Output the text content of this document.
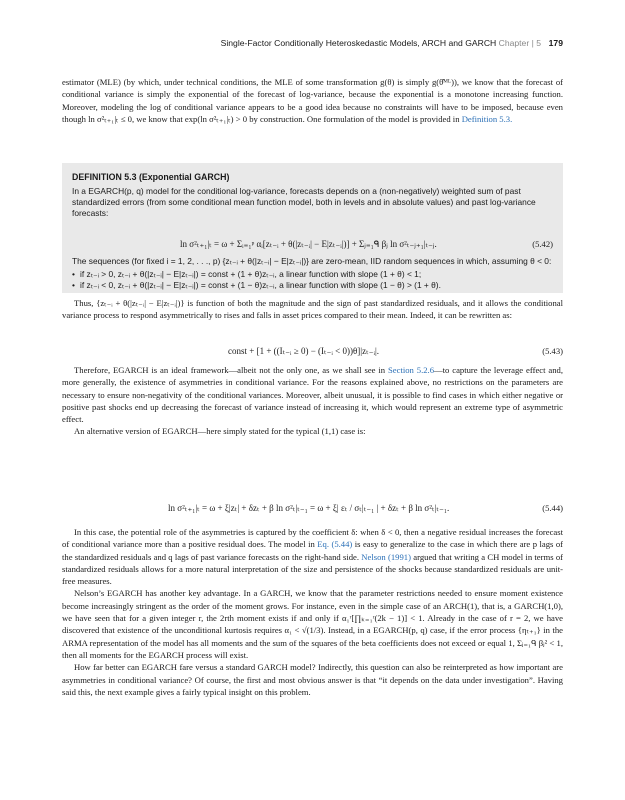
Single-Factor Conditionally Heteroskedastic Models, ARCH and GARCH Chapter | 5 179

estimator (MLE) (by which, under technical conditions, the MLE of some transformation g(θ) is simply g(θ̂ᴹᴸ)), we know that the forecast of conditional variance is simply the exponential of the forecast of log-variance, because the exponential is a monotone increasing function. Moreover, modeling the log of conditional variance appears to be a good idea because no constraints will have to be imposed, because even though ln σ²ₜ₊₁|ₜ ≤ 0, we know that exp(ln σ²ₜ₊₁|ₜ) > 0 by construction. One formulation of the model is provided in Definition 5.3.

DEFINITION 5.3 (Exponential GARCH)
In a EGARCH(p, q) model for the conditional log-variance, forecasts depends on a (non-negatively) weighted sum of past standardized errors (from some conditional mean function model, both in levels and in absolute values) and past log-variance forecasts:
ln σ²ₜ₊₁|ₜ = ω + Σᵢ₌₁ᵖ αᵢ[zₜ₋ᵢ + θ(|zₜ₋ᵢ| − E|zₜ₋ᵢ|)] + Σⱼ₌₁ᑫ βⱼ ln σ²ₜ₋ⱼ₊₁|ₜ₋ⱼ.	(5.42)
The sequences (for fixed i = 1, 2, . . ., p) {zₜ₋ᵢ + θ(|zₜ₋ᵢ| − E|zₜ₋ᵢ|)} are zero-mean, IID random sequences in which, assuming θ < 0:
• if zₜ₋ᵢ > 0, zₜ₋ᵢ + θ(|zₜ₋ᵢ| − E|zₜ₋ᵢ|) = const + (1 + θ)zₜ₋ᵢ, a linear function with slope (1 + θ) < 1;
• if zₜ₋ᵢ < 0, zₜ₋ᵢ + θ(|zₜ₋ᵢ| − E|zₜ₋ᵢ|) = const + (1 − θ)zₜ₋ᵢ, a linear function with slope (1 − θ) > (1 + θ).

Thus, {zₜ₋ᵢ + θ(|zₜ₋ᵢ| − E|zₜ₋ᵢ|)} is function of both the magnitude and the sign of past standardized residuals, and it allows the conditional variance process to respond asymmetrically to rises and falls in asset prices compared to their mean. Indeed, it can be rewritten as:

const + [1 + ((Iₜ₋ᵢ ≥ 0) − (Iₜ₋ᵢ < 0))θ]|zₜ₋ᵢ|.	(5.43)

Therefore, EGARCH is an ideal framework—albeit not the only one, as we shall see in Section 5.2.6—to capture the leverage effect and, more generally, the existence of asymmetries in conditional variance. For the reasons explained above, no restrictions on the parameters are necessary to ensure non-negativity of the conditional variances. Moreover, albeit unusual, it is possible to find cases in which either negative or positive past shocks end up decreasing the forecast of variance instead of increasing it, which would represent an extreme type of asymmetric effect.

An alternative version of EGARCH—here simply stated for the typical (1,1) case is:

ln σ²ₜ₊₁|ₜ = ω + ξ|zₜ| + δzₜ + β ln σ²ₜ|ₜ₋₁ = ω + ξ| εₜ / σₜ|ₜ₋₁ | + δzₜ + β ln σ²ₜ|ₜ₋₁.	(5.44)

In this case, the potential role of the asymmetries is captured by the coefficient δ: when δ < 0, then a negative residual increases the forecast of conditional variance more than a positive residual does. The model in Eq. (5.44) is easy to generalize to the case in which there are p lags of the standardized residuals and q lags of past variance forecasts on the right-hand side. Nelson (1991) argued that writing a CH model in terms of standardized residuals allows for a more natural interpretation of the size and persistence of the shocks because standardized residuals are unit-free measures.

Nelson’s EGARCH has another key advantage. In a GARCH, we know that the parameter restrictions needed to ensure moment existence become increasingly stringent as the order of the moment grows. For instance, even in the simple case of an ARCH(1), that is, a GARCH(1,0), we have seen that for a given integer r, the 2rth moment exists if and only if α₁ʳ[∏ₖ₌₁ʳ(2k − 1)] < 1. Already in the case of r = 2, we have discovered that existence of the unconditional kurtosis requires α₁ < √(1/3). Instead, in a EGARCH(p, q) case, if the error process {ηₜ₊₁} in the ARMA representation of the model has all moments and the sum of the squares of the beta coefficients does not exceed or equal 1, Σⱼ₌₁ᑫ βⱼ² < 1, then all moments for the EGARCH process will exist.

How far better can EGARCH fare versus a standard GARCH model? Indirectly, this question can also be reinterpreted as how important are asymmetries in conditional variance? Of course, the first and most obvious answer is that “it depends on the data under investigation”. Having said this, the next example gives a fairly typical insight on this problem.
